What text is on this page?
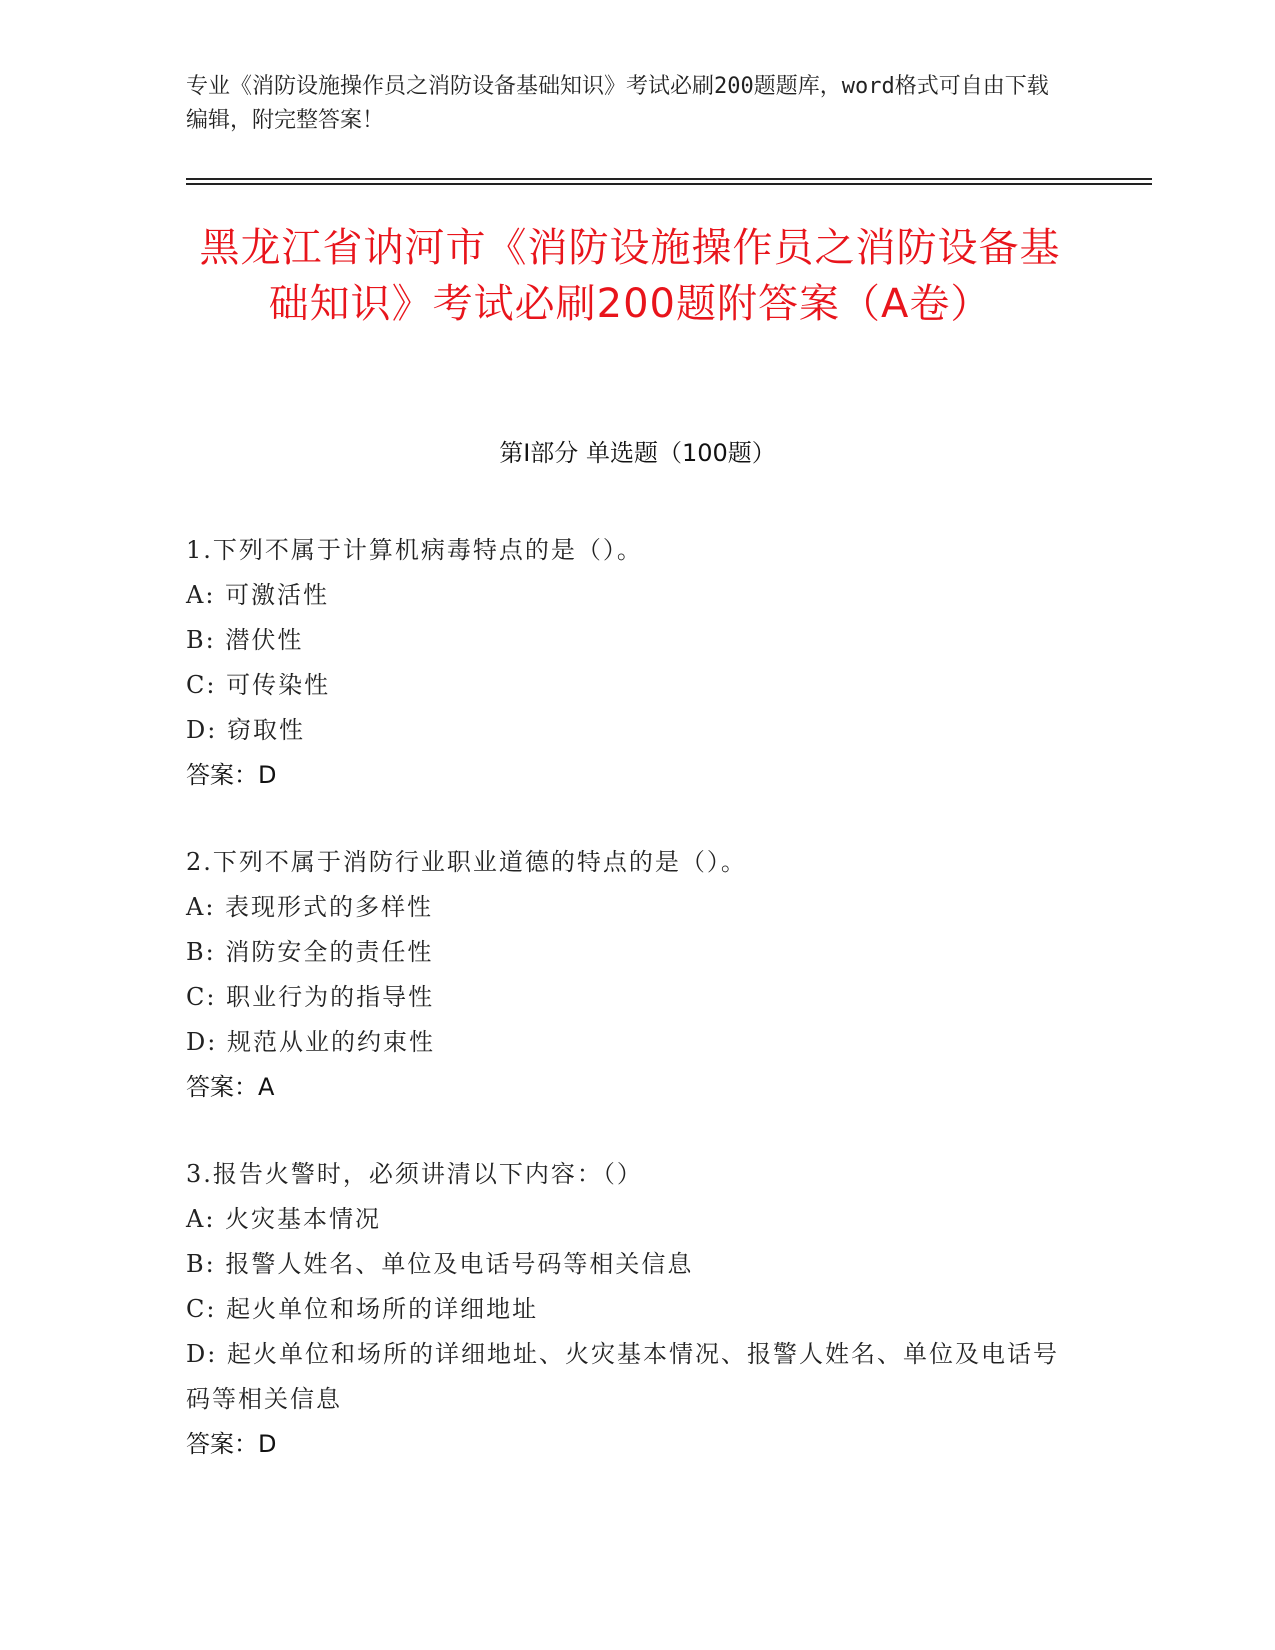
专业《消防设施操作员之消防设备基础知识》考试必刷200题题库，word格式可自由下载编辑，附完整答案！
黑龙江省讷河市《消防设施操作员之消防设备基础知识》考试必刷200题附答案（A卷）
第I部分 单选题（100题）
1.下列不属于计算机病毒特点的是（）。
A: 可激活性
B: 潜伏性
C: 可传染性
D: 窃取性
答案：D
2.下列不属于消防行业职业道德的特点的是（）。
A: 表现形式的多样性
B: 消防安全的责任性
C: 职业行为的指导性
D: 规范从业的约束性
答案：A
3.报告火警时，必须讲清以下内容：（）
A: 火灾基本情况
B: 报警人姓名、单位及电话号码等相关信息
C: 起火单位和场所的详细地址
D: 起火单位和场所的详细地址、火灾基本情况、报警人姓名、单位及电话号码等相关信息
答案：D
